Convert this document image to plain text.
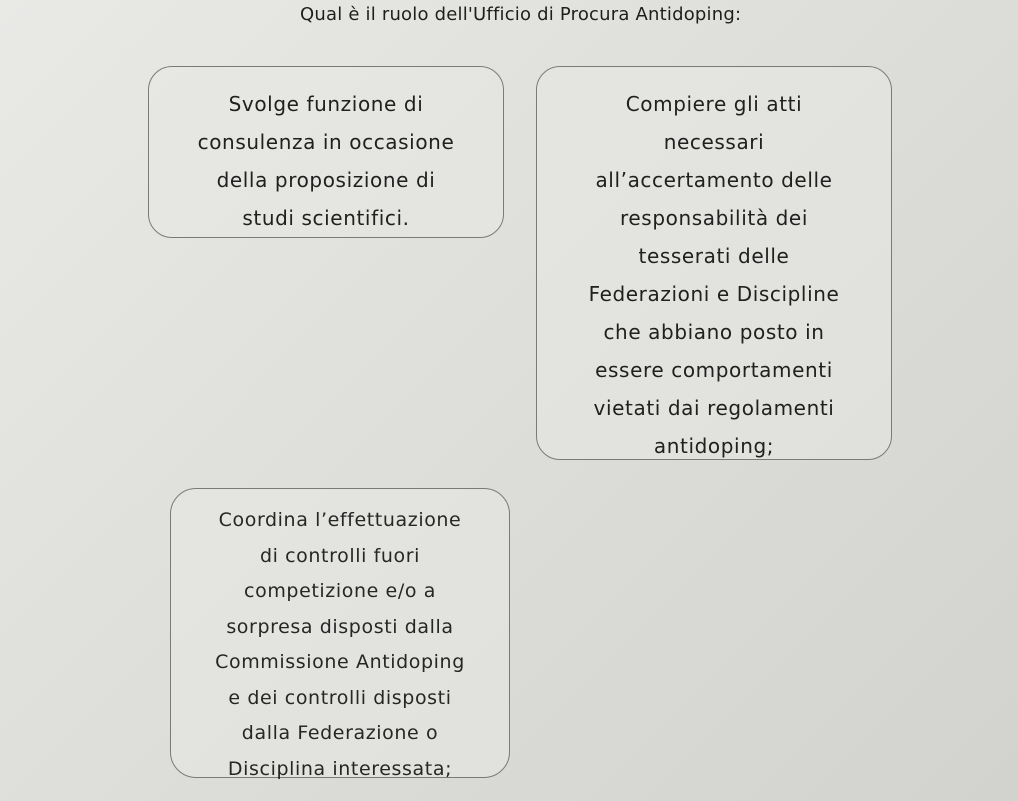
Qual è il ruolo dell'Ufficio di Procura Antidoping:

Svolge funzione di
consulenza in occasione
della proposizione di
studi scientifici.

Compiere gli atti
necessari
all’accertamento delle
responsabilità dei
tesserati delle
Federazioni e Discipline
che abbiano posto in
essere comportamenti
vietati dai regolamenti
antidoping;

Coordina l’effettuazione
di controlli fuori
competizione e/o a
sorpresa disposti dalla
Commissione Antidoping
e dei controlli disposti
dalla Federazione o
Disciplina interessata;
